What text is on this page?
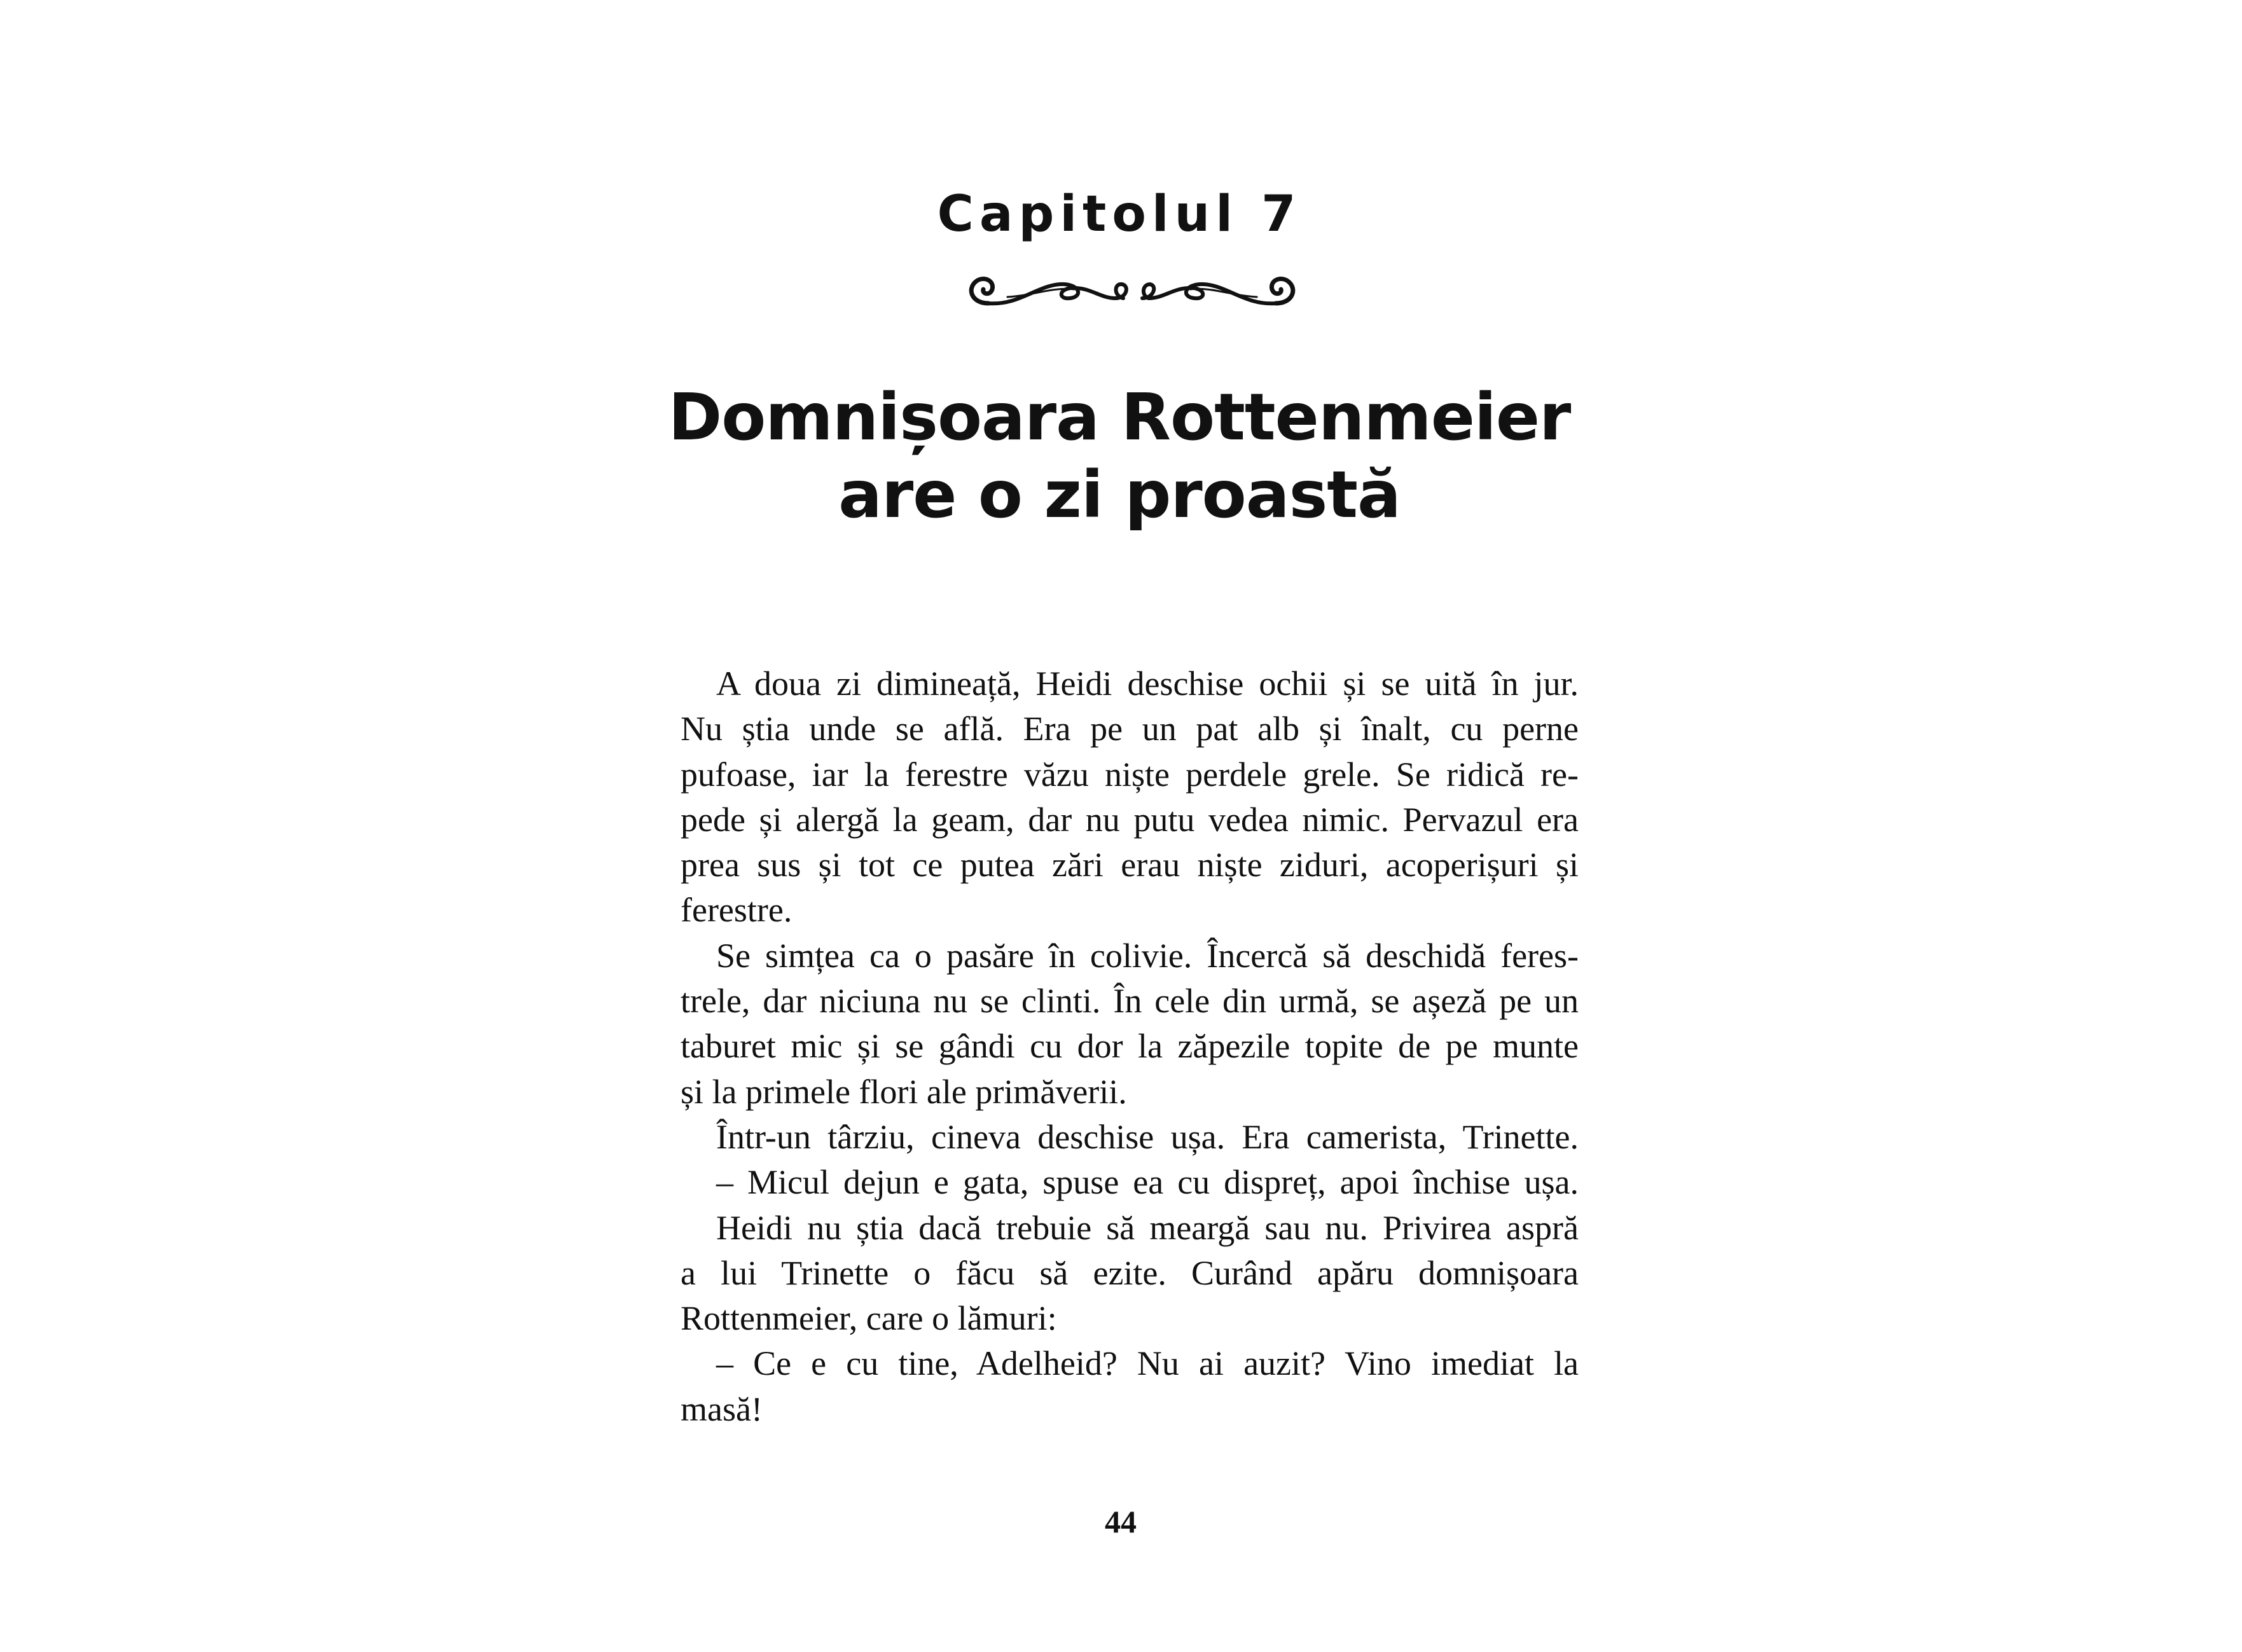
Capitolul 7
Domnișoara Rottenmeier
are o zi proastă
A doua zi dimineață, Heidi deschise ochii și se uită în jur.
Nu știa unde se află. Era pe un pat alb și înalt, cu perne
pufoase, iar la ferestre văzu niște perdele grele. Se ridică re-
pede și alergă la geam, dar nu putu vedea nimic. Pervazul era
prea sus și tot ce putea zări erau niște ziduri, acoperișuri și
ferestre.
Se simțea ca o pasăre în colivie. Încercă să deschidă feres-
trele, dar niciuna nu se clinti. În cele din urmă, se așeză pe un
taburet mic și se gândi cu dor la zăpezile topite de pe munte
și la primele flori ale primăverii.
Într-un târziu, cineva deschise ușa. Era camerista, Trinette.
– Micul dejun e gata, spuse ea cu dispreț, apoi închise ușa.
Heidi nu știa dacă trebuie să meargă sau nu. Privirea aspră
a lui Trinette o făcu să ezite. Curând apăru domnișoara
Rottenmeier, care o lămuri:
– Ce e cu tine, Adelheid? Nu ai auzit? Vino imediat la
masă!
44
